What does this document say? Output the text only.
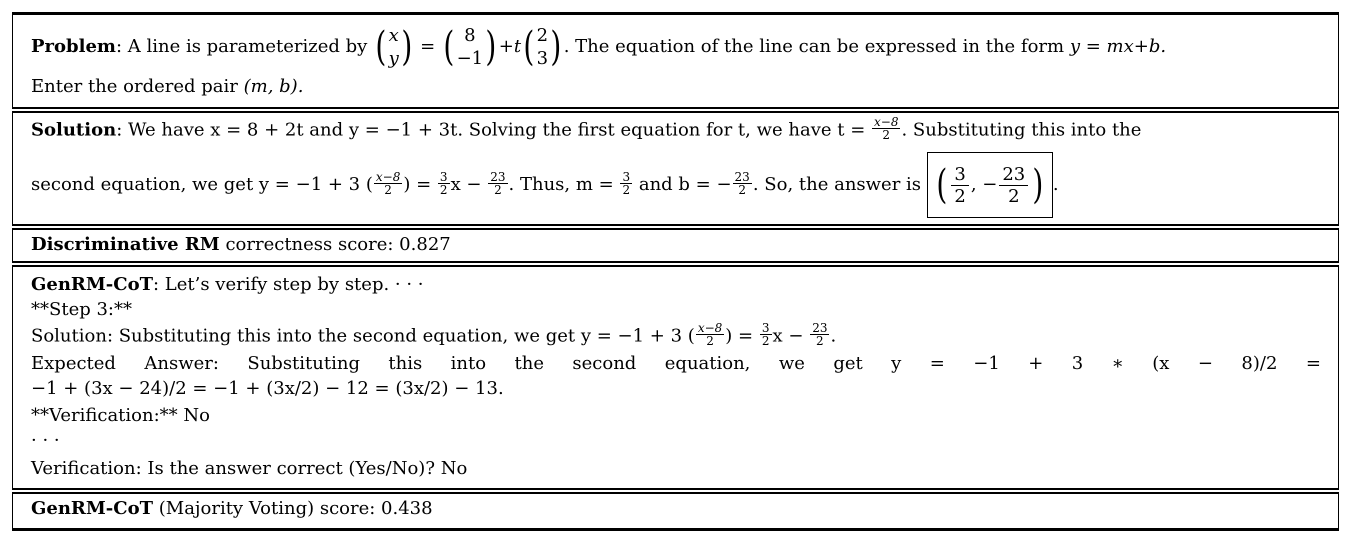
Problem: A line is parameterized by ( x
y ) = ( 8
−1 ) +t( 2
3 ) . The equation of the line can be expressed in the form y = mx+b.
Enter the ordered pair (m, b).
Solution: We have x = 8 + 2t and y = −1 + 3t. Solving the first equation for t, we have $t = \frac{x-8}{2}$ . Substituting this into the
second equation, we get y = −1 + 3 ( $\frac{x-8}{2}$ ) = $\frac{3}{2}$ $x - \frac{23}{2}$ . Thus, $m = \frac{3}{2}$ and b = − $\frac{23}{2}$ . So, the answer is ( $\frac{3}{2}$ , − $\frac{23}{2}$ ) .
Discriminative RM correctness score: 0.827
GenRM-CoT: Let’s verify step by step. · · ·
**Step 3:**
Solution: Substituting this into the second equation, we get y = −1 + 3 ( $\frac{x-8}{2}$ ) = $\frac{3}{2}$ $x - \frac{23}{2}$ .
Expected Answer: Substituting this into the second equation, we get y = −1 + 3 ∗ (x − 8)/2 =
−1 + (3x − 24)/2 = −1 + (3x/2) − 12 = (3x/2) − 13.
**Verification:** No
· · ·
Verification: Is the answer correct (Yes/No)? No
GenRM-CoT (Majority Voting) score: 0.438
